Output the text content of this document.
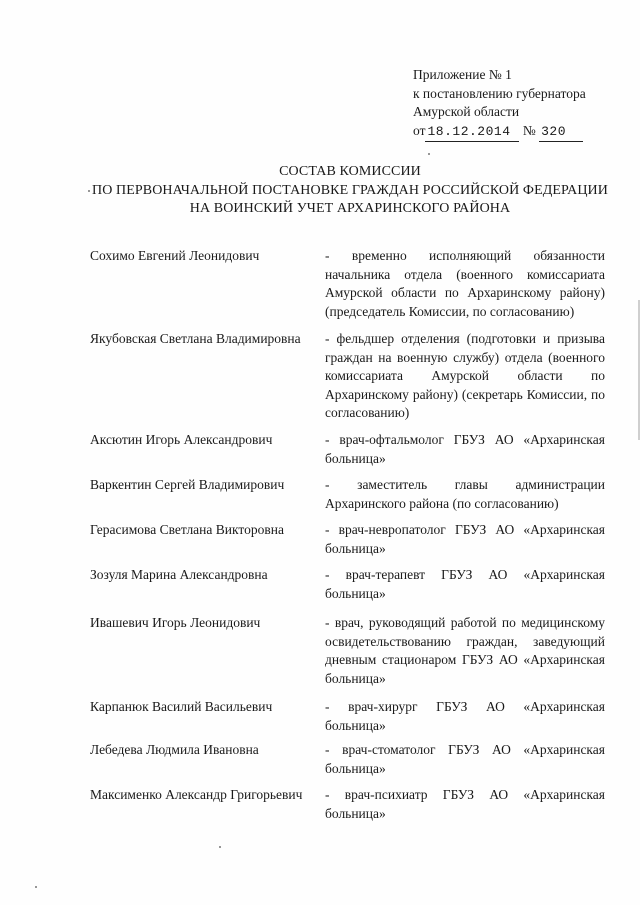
Приложение № 1
к постановлению губернатора
Амурской области
от 18.12.2014 № 320
СОСТАВ КОМИССИИ
ПО ПЕРВОНАЧАЛЬНОЙ ПОСТАНОВКЕ ГРАЖДАН РОССИЙСКОЙ ФЕДЕРАЦИИ
НА ВОИНСКИЙ УЧЕТ АРХАРИНСКОГО РАЙОНА
Сохимо Евгений Леонидович	- временно исполняющий обязанности начальника отдела (военного комиссариата Амурской области по Архаринскому району) (председатель Комиссии, по согласованию)
Якубовская Светлана Владимировна	- фельдшер отделения (подготовки и призыва граждан на военную службу) отдела (военного комиссариата Амурской области по Архаринскому району) (секретарь Комиссии, по согласованию)
Аксютин Игорь Александрович	- врач-офтальмолог ГБУЗ АО «Архаринская больница»
Варкентин Сергей Владимирович	- заместитель главы администрации Архаринского района (по согласованию)
Герасимова Светлана Викторовна	- врач-невропатолог ГБУЗ АО «Архаринская больница»
Зозуля Марина Александровна	- врач-терапевт ГБУЗ АО «Архаринская больница»
Ивашевич Игорь Леонидович	- врач, руководящий работой по медицинскому освидетельствованию граждан, заведующий дневным стационаром ГБУЗ АО «Архаринская больница»
Карпанюк Василий Васильевич	- врач-хирург ГБУЗ АО «Архаринская больница»
Лебедева Людмила Ивановна	- врач-стоматолог ГБУЗ АО «Архаринская больница»
Максименко Александр Григорьевич - врач-психиатр ГБУЗ АО «Архаринская больница»
